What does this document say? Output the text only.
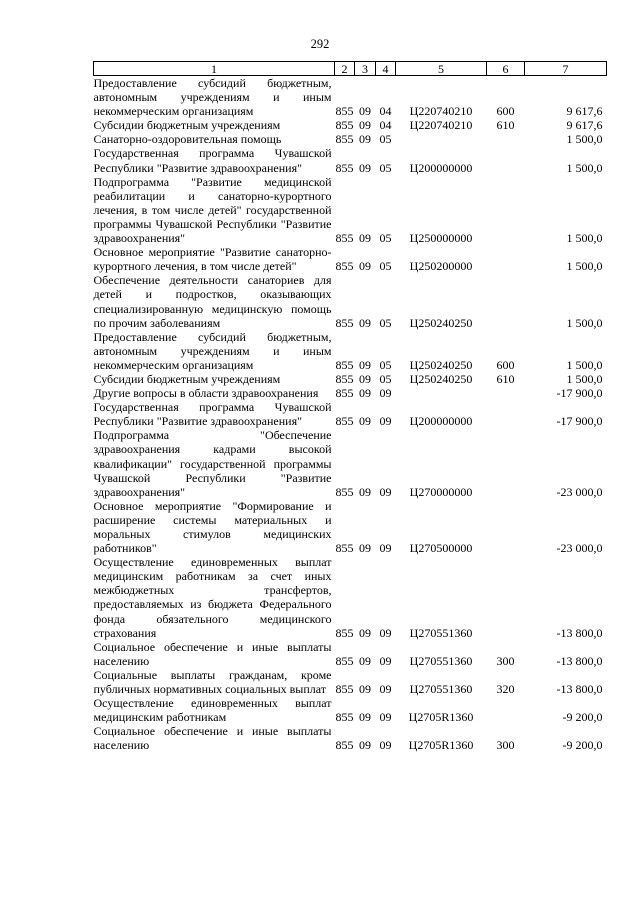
292
1	2	3	4	5	6	7
Предоставление субсидий бюджетным, автономным учреждениям и иным некоммерческим организациям	855	09	04	Ц220740210	600	9 617,6
Субсидии бюджетным учреждениям	855	09	04	Ц220740210	610	9 617,6
Санаторно-оздоровительная помощь	855	09	05			1 500,0
Государственная программа Чувашской Республики "Развитие здравоохранения"	855	09	05	Ц200000000		1 500,0
Подпрограмма "Развитие медицинской реабилитации и санаторно-курортного лечения, в том числе детей" государственной программы Чувашской Республики "Развитие здравоохранения"	855	09	05	Ц250000000		1 500,0
Основное мероприятие "Развитие санаторно-курортного лечения, в том числе детей"	855	09	05	Ц250200000		1 500,0
Обеспечение деятельности санаториев для детей и подростков, оказывающих специализированную медицинскую помощь по прочим заболеваниям	855	09	05	Ц250240250		1 500,0
Предоставление субсидий бюджетным, автономным учреждениям и иным некоммерческим организациям	855	09	05	Ц250240250	600	1 500,0
Субсидии бюджетным учреждениям	855	09	05	Ц250240250	610	1 500,0
Другие вопросы в области здравоохранения	855	09	09			-17 900,0
Государственная программа Чувашской Республики "Развитие здравоохранения"	855	09	09	Ц200000000		-17 900,0
Подпрограмма "Обеспечение здравоохранения кадрами высокой квалификации" государственной программы Чувашской Республики "Развитие здравоохранения"	855	09	09	Ц270000000		-23 000,0
Основное мероприятие "Формирование и расширение системы материальных и моральных стимулов медицинских работников"	855	09	09	Ц270500000		-23 000,0
Осуществление единовременных выплат медицинским работникам за счет иных межбюджетных трансфертов, предоставляемых из бюджета Федерального фонда обязательного медицинского страхования	855	09	09	Ц270551360		-13 800,0
Социальное обеспечение и иные выплаты населению	855	09	09	Ц270551360	300	-13 800,0
Социальные выплаты гражданам, кроме публичных нормативных социальных выплат	855	09	09	Ц270551360	320	-13 800,0
Осуществление единовременных выплат медицинским работникам	855	09	09	Ц2705R1360		-9 200,0
Социальное обеспечение и иные выплаты населению	855	09	09	Ц2705R1360	300	-9 200,0
